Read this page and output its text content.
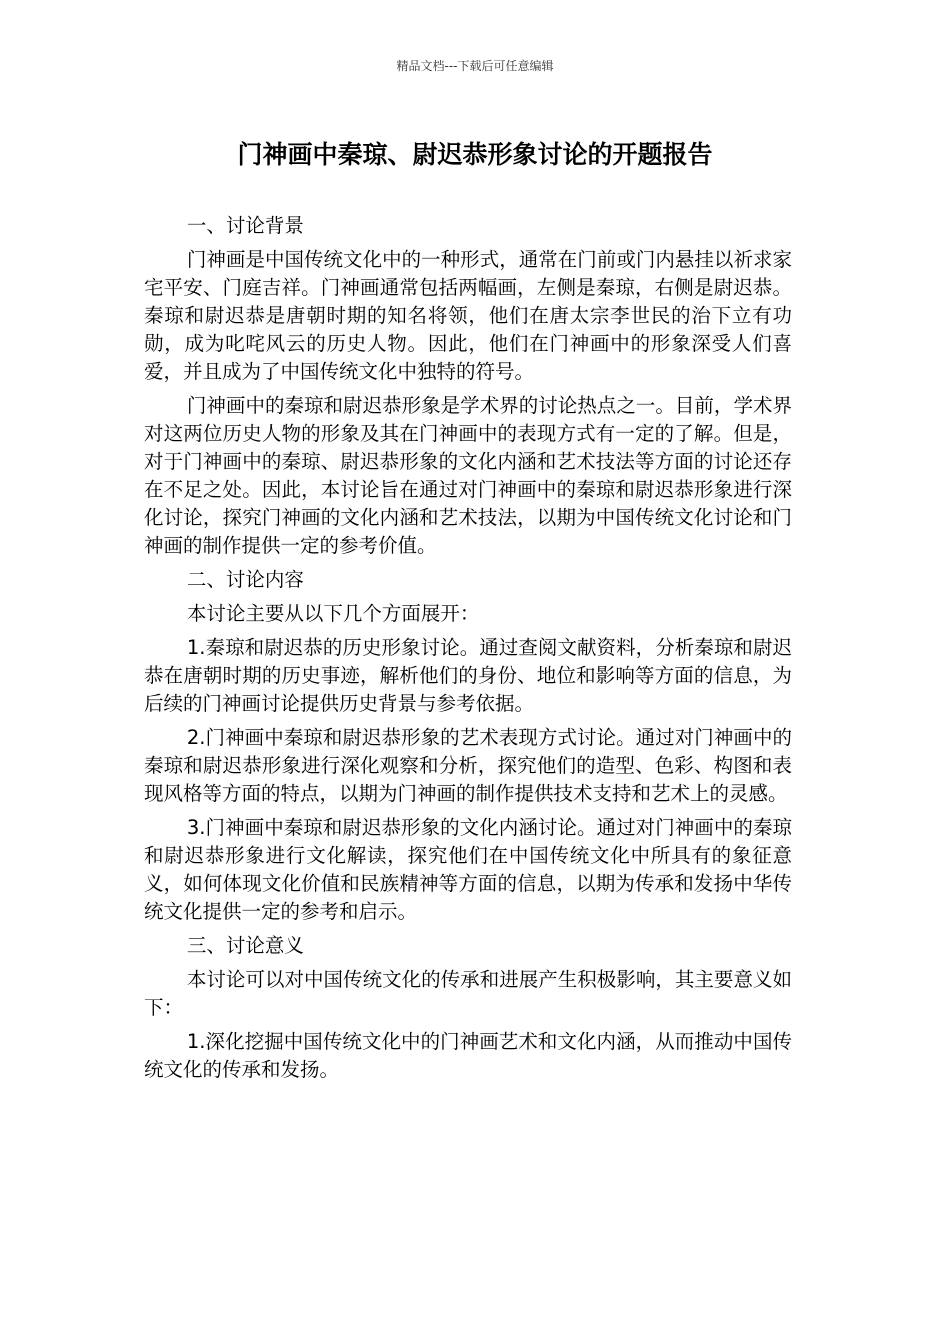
精品文档---下载后可任意编辑
门神画中秦琼、尉迟恭形象讨论的开题报告
一、讨论背景

门神画是中国传统文化中的一种形式，通常在门前或门内悬挂以祈求家宅平安、门庭吉祥。门神画通常包括两幅画，左侧是秦琼，右侧是尉迟恭。秦琼和尉迟恭是唐朝时期的知名将领，他们在唐太宗李世民的治下立有功勋，成为叱咤风云的历史人物。因此，他们在门神画中的形象深受人们喜爱，并且成为了中国传统文化中独特的符号。

门神画中的秦琼和尉迟恭形象是学术界的讨论热点之一。目前，学术界对这两位历史人物的形象及其在门神画中的表现方式有一定的了解。但是，对于门神画中的秦琼、尉迟恭形象的文化内涵和艺术技法等方面的讨论还存在不足之处。因此，本讨论旨在通过对门神画中的秦琼和尉迟恭形象进行深化讨论，探究门神画的文化内涵和艺术技法，以期为中国传统文化讨论和门神画的制作提供一定的参考价值。

二、讨论内容

本讨论主要从以下几个方面展开：

1.秦琼和尉迟恭的历史形象讨论。通过查阅文献资料，分析秦琼和尉迟恭在唐朝时期的历史事迹，解析他们的身份、地位和影响等方面的信息，为后续的门神画讨论提供历史背景与参考依据。

2.门神画中秦琼和尉迟恭形象的艺术表现方式讨论。通过对门神画中的秦琼和尉迟恭形象进行深化观察和分析，探究他们的造型、色彩、构图和表现风格等方面的特点，以期为门神画的制作提供技术支持和艺术上的灵感。

3.门神画中秦琼和尉迟恭形象的文化内涵讨论。通过对门神画中的秦琼和尉迟恭形象进行文化解读，探究他们在中国传统文化中所具有的象征意义，如何体现文化价值和民族精神等方面的信息，以期为传承和发扬中华传统文化提供一定的参考和启示。

三、讨论意义

本讨论可以对中国传统文化的传承和进展产生积极影响，其主要意义如下：

1.深化挖掘中国传统文化中的门神画艺术和文化内涵，从而推动中国传统文化的传承和发扬。
